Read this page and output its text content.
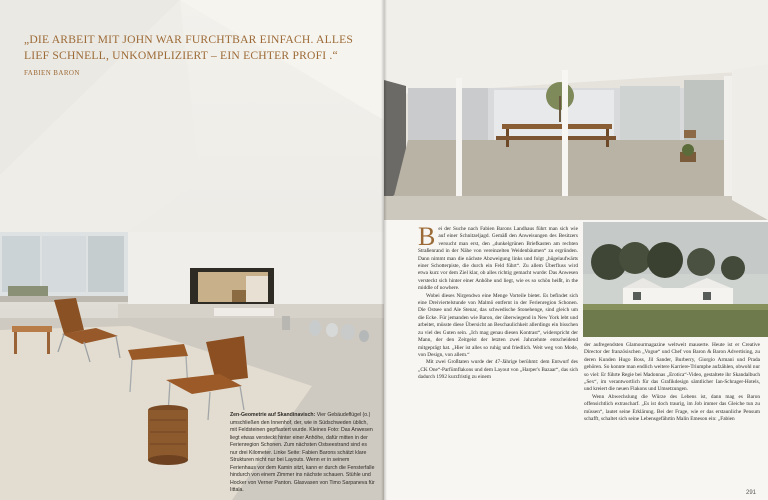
„DIE ARBEIT MIT JOHN WAR FURCHTBAR EINFACH. ALLES LIEF SCHNELL, UNKOMPLIZIERT – EIN ECHTER PROFI .“ FABIEN BARON
Zen-Geometrie auf Skandinavisch: Vier Gebäudeflügel (o.) umschließen den Innenhof, der, wie in Südschweden üblich, mit Feldsteinen gepflastert wurde. Kleines Foto: Das Anwesen liegt etwas versteckt hinter einer Anhöhe, dafür mitten in der Ferienregion Schonen. Zum nächsten Ostseestrand sind es nur drei Kilometer. Linke Seite: Fabien Barons schätzt klare Strukturen nicht nur bei Layouts. Wenn er in seinem Ferienhaus vor dem Kamin sitzt, kann er durch die Fensterfalle hindurch von einem Zimmer ins nächste schauen. Stühle und Hocker von Verner Panton. Glasvasen von Timo Sarpaneva für Iittala.
B ei der Suche nach Fabien Barons Landhaus führt man sich wie auf einer Schnitzeljagd. Gemäß den Anweisungen des Besitzers versucht man erst, den „dunkelgrünen Briefkasten am rechten Straßenrand in der Nähe von vereinzelten Weidenbäumen“ zu ergründen. Dann nimmt man die nächste Abzweigung links und folgt „hügelaufwärts einer Schotterpiste, die durch ein Feld führt“. Zu allem Überfluss wird etwa kurz vor dem Ziel klar, ob alles richtig gemacht wurde: Das Anwesen versteckt sich hinter einer Anhöhe und liegt, wie es so schön heißt, in the middle of nowhere.

Wobei dieses Nirgendwo eine Menge Vorteile bietet. Es befindet sich eine Dreiviertelstunde von Malmö entfernt in der Ferienregion Schonen. Die Ostsee und Ale Stenar, das schwedische Stonehenge, sind gleich um die Ecke. Für jemanden wie Baron, der überwiegend in New York lebt und arbeitet, müsste diese Übersicht an Beschaulichkeit allerdings ein bisschen zu viel des Guten sein. „Ich mag genau diesen Kontrast“, widerspricht der Mann, der den Zeitgeist der letzten zwei Jahrzehnte entscheidend mitgeprägt hat. „Hier ist alles so ruhig und friedlich. Weit weg von Mode, von Design, von allem.“

Mit zwei Großtaten wurde der 47-Jährige berühmt: dem Entwurf des „CK One“-Parfümflakons und dem Layout von „Harper's Bazaar“, das sich dadurch 1992 kurzfristig zu einem

der aufregendsten Glamourmagazine weltweit mauserte. Heute ist er Creative Director der französischen „Vogue“ und Chef von Baron & Baron Advertising, zu deren Kunden Hugo Boss, Jil Sander, Burberry, Giorgio Armani und Prada gehören. So konnte man endlich weitere Karriere-Triumphe aufzählen, obwohl nur so viel: Er führte Regie bei Madonnas „Erotica“-Video, gestaltete ihr Skandalbuch „Sex“, im verantwortlich für das Grafikdesign sämtlicher Ian-Schrager-Hotels, und kreiert die neuen Flakons und Umsetzungen.

Wenn Abwechslung die Würze des Lebens ist, dann mag es Baron offensichtlich extrascharf. „Es ist doch traurig, im Job immer das Gleiche tun zu müssen“, lautet seine Erklärung. Bei der Frage, wie er das erstaunliche Pensum schafft, schaltet sich seine Lebensgefährtin Malin Emeson ein: „Fabien

291
